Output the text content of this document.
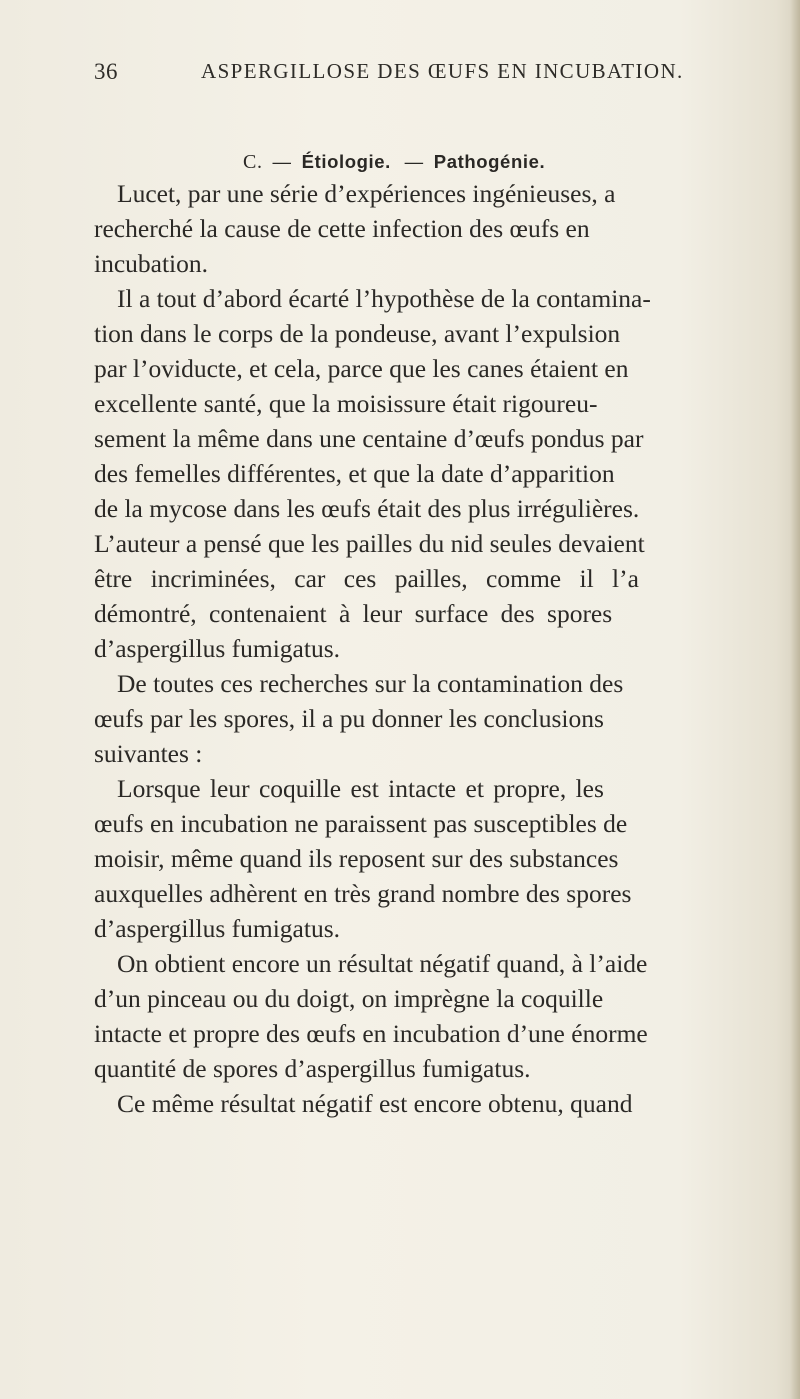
36	ASPERGILLOSE DES ŒUFS EN INCUBATION.
C. — Étiologie. — Pathogénie.
Lucet, par une série d’expériences ingénieuses, a
recherché la cause de cette infection des œufs en
incubation.
Il a tout d’abord écarté l’hypothèse de la contamina-
tion dans le corps de la pondeuse, avant l’expulsion
par l’oviducte, et cela, parce que les canes étaient en
excellente santé, que la moisissure était rigoureu-
sement la même dans une centaine d’œufs pondus par
des femelles différentes, et que la date d’apparition
de la mycose dans les œufs était des plus irrégulières.
L’auteur a pensé que les pailles du nid seules devaient
être incriminées, car ces pailles, comme il l’a
démontré, contenaient à leur surface des spores
d’aspergillus fumigatus.
De toutes ces recherches sur la contamination des
œufs par les spores, il a pu donner les conclusions
suivantes :
Lorsque leur coquille est intacte et propre, les
œufs en incubation ne paraissent pas susceptibles de
moisir, même quand ils reposent sur des substances
auxquelles adhèrent en très grand nombre des spores
d’aspergillus fumigatus.
On obtient encore un résultat négatif quand, à l’aide
d’un pinceau ou du doigt, on imprègne la coquille
intacte et propre des œufs en incubation d’une énorme
quantité de spores d’aspergillus fumigatus.
Ce même résultat négatif est encore obtenu, quand
